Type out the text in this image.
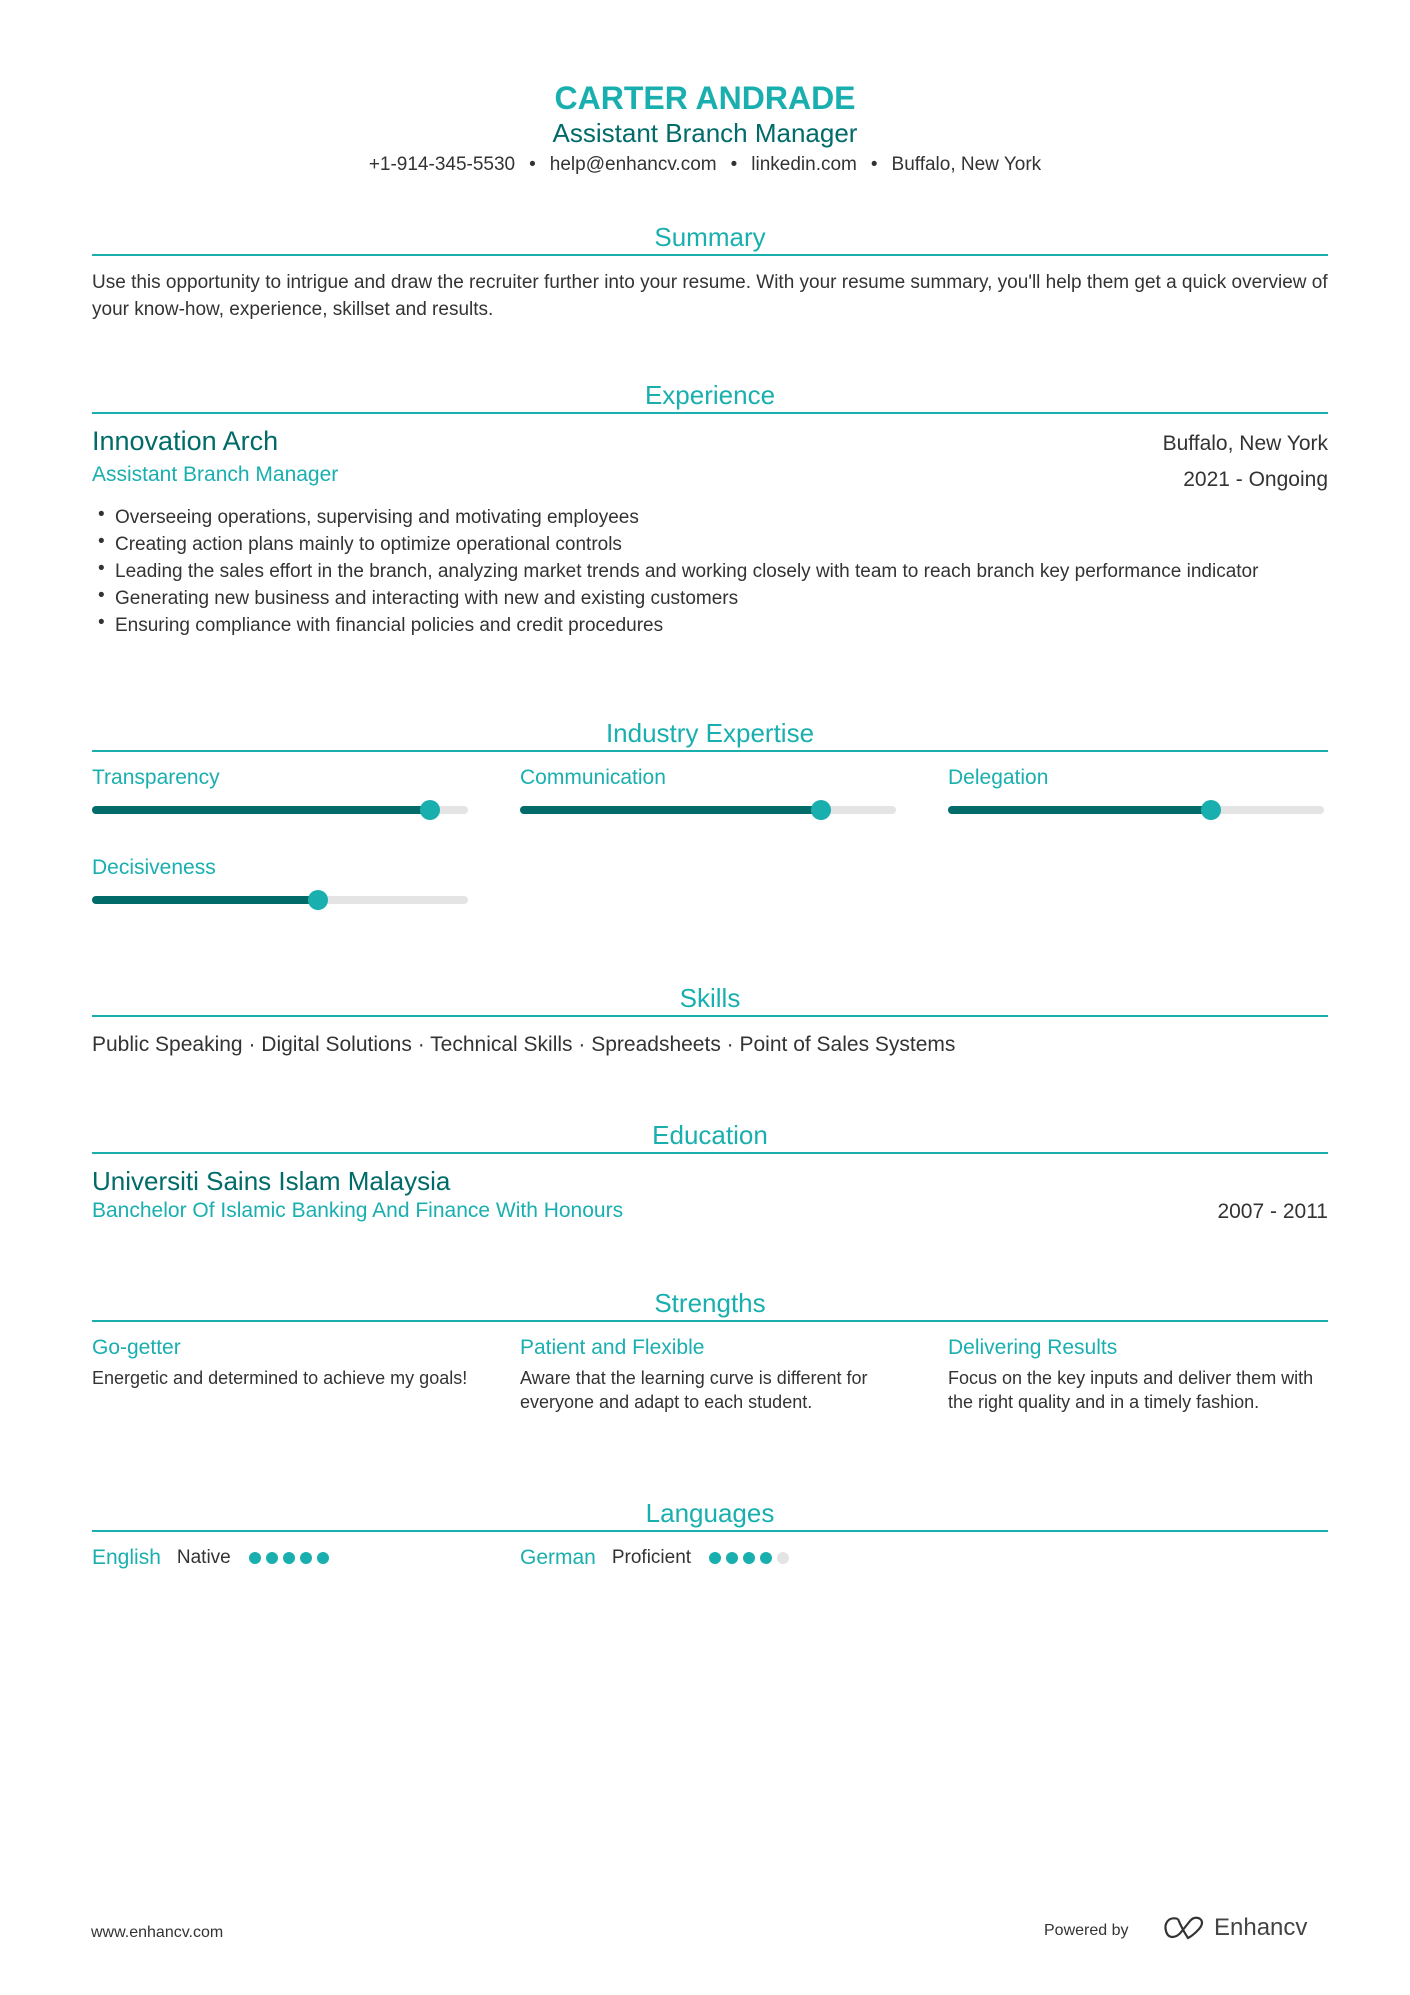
CARTER ANDRADE
Assistant Branch Manager
+1-914-345-5530 • help@enhancv.com • linkedin.com • Buffalo, New York
Summary

Use this opportunity to intrigue and draw the recruiter further into your resume. With your resume summary, you'll help them get a quick overview of your know-how, experience, skillset and results.

Experience
Innovation Arch
Assistant Branch Manager
Buffalo, New York
2021 - Ongoing
• Overseeing operations, supervising and motivating employees
• Creating action plans mainly to optimize operational controls
• Leading the sales effort in the branch, analyzing market trends and working closely with team to reach branch key performance indicator
• Generating new business and interacting with new and existing customers
• Ensuring compliance with financial policies and credit procedures
Industry Expertise
Transparency	Communication	Delegation
Decisiveness
Skills
Public Speaking · Digital Solutions · Technical Skills · Spreadsheets · Point of Sales Systems
Education
Universiti Sains Islam Malaysia
Banchelor Of Islamic Banking And Finance With Honours	2007 - 2011
Strengths
Go-getter

Energetic and determined to achieve my goals!

Patient and Flexible

Aware that the learning curve is different for everyone and adapt to each student.

Delivering Results

Focus on the key inputs and deliver them with the right quality and in a timely fashion.

Languages
English Native	German Proficient
www.enhancv.com	Powered by	Enhancv
